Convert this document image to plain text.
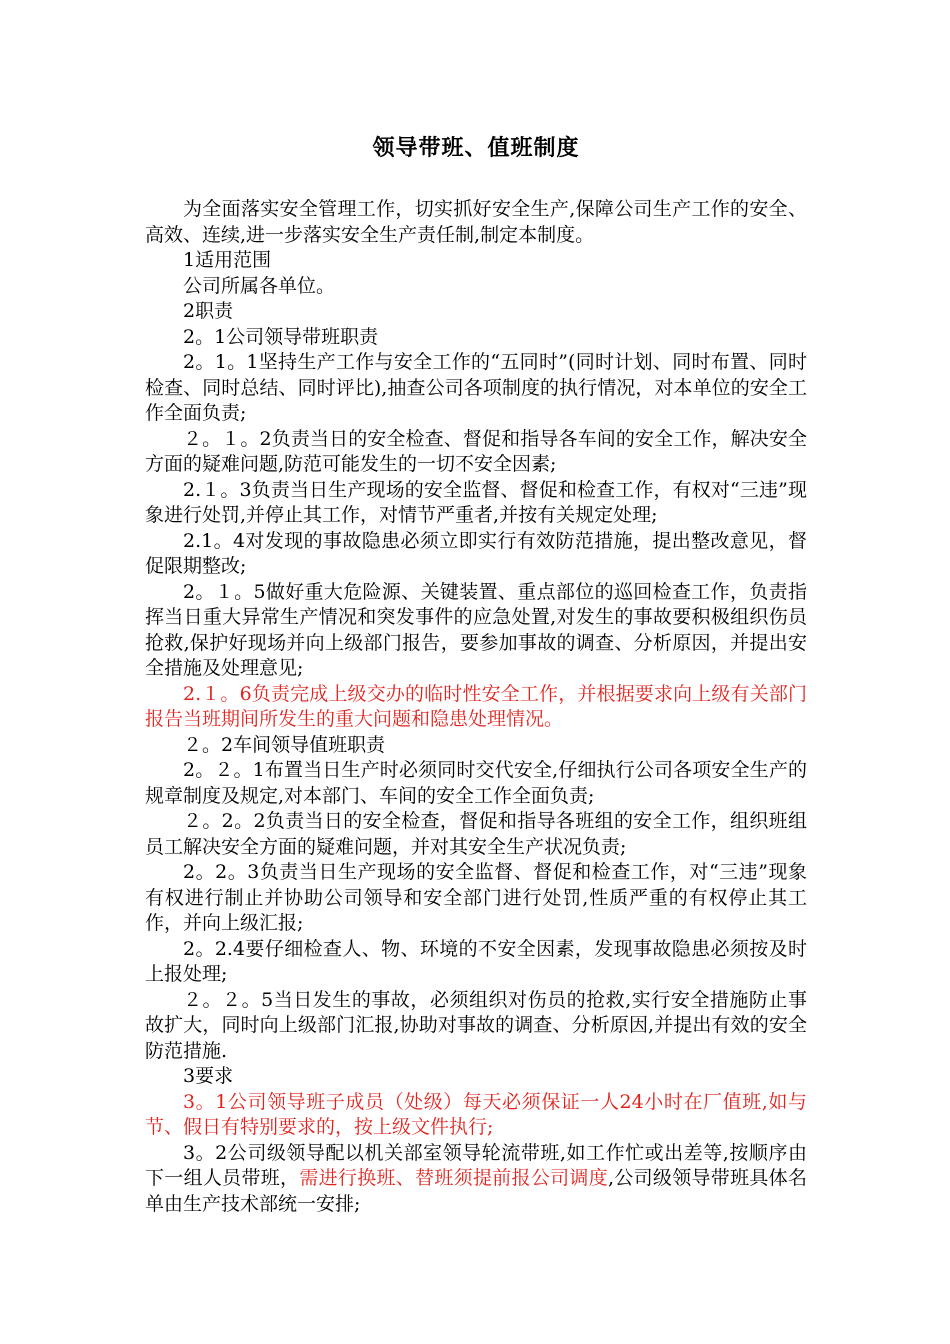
领导带班、值班制度

为全面落实安全管理工作，切实抓好安全生产,保障公司生产工作的安全、高效、连续,进一步落实安全生产责任制,制定本制度。

1适用范围

公司所属各单位。

2职责

2。1公司领导带班职责

2。1。1坚持生产工作与安全工作的“五同时”(同时计划、同时布置、同时检查、同时总结、同时评比),抽查公司各项制度的执行情况，对本单位的安全工作全面负责;

２。１。2负责当日的安全检查、督促和指导各车间的安全工作，解决安全方面的疑难问题,防范可能发生的一切不安全因素;

2.１。3负责当日生产现场的安全监督、督促和检查工作，有权对“三违”现象进行处罚,并停止其工作，对情节严重者,并按有关规定处理;

2.1。4对发现的事故隐患必须立即实行有效防范措施，提出整改意见，督促限期整改;

2。１。5做好重大危险源、关键装置、重点部位的巡回检查工作，负责指挥当日重大异常生产情况和突发事件的应急处置,对发生的事故要积极组织伤员抢救,保护好现场并向上级部门报告，要参加事故的调查、分析原因，并提出安全措施及处理意见;

2.１。6负责完成上级交办的临时性安全工作，并根据要求向上级有关部门报告当班期间所发生的重大问题和隐患处理情况。

２。2车间领导值班职责

2。２。1布置当日生产时必须同时交代安全,仔细执行公司各项安全生产的规章制度及规定,对本部门、车间的安全工作全面负责;

２。2。2负责当日的安全检查，督促和指导各班组的安全工作，组织班组员工解决安全方面的疑难问题，并对其安全生产状况负责;

2。2。3负责当日生产现场的安全监督、督促和检查工作，对“三违”现象有权进行制止并协助公司领导和安全部门进行处罚,性质严重的有权停止其工作，并向上级汇报;

2。2.4要仔细检查人、物、环境的不安全因素，发现事故隐患必须按及时上报处理;

２。２。5当日发生的事故，必须组织对伤员的抢救,实行安全措施防止事故扩大，同时向上级部门汇报,协助对事故的调查、分析原因,并提出有效的安全防范措施.

3要求

3。1公司领导班子成员（处级）每天必须保证一人24小时在厂值班,如与节、假日有特别要求的，按上级文件执行;

3。2公司级领导配以机关部室领导轮流带班,如工作忙或出差等,按顺序由下一组人员带班，需进行换班、替班须提前报公司调度,公司级领导带班具体名单由生产技术部统一安排;
